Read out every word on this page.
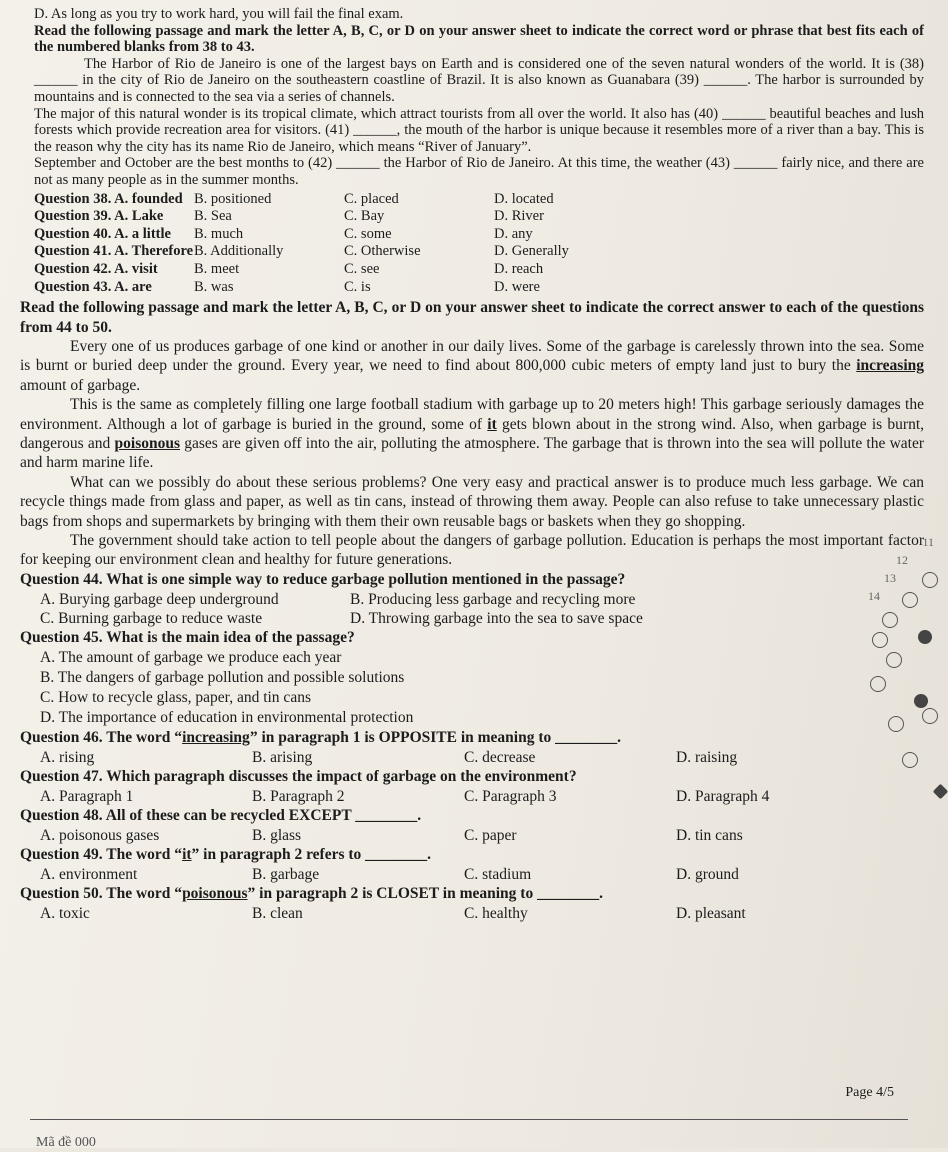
D. As long as you try to work hard, you will fail the final exam.
Read the following passage and mark the letter A, B, C, or D on your answer sheet to indicate the correct word or phrase that best fits each of the numbered blanks from 38 to 43.
The Harbor of Rio de Janeiro is one of the largest bays on Earth and is considered one of the seven natural wonders of the world. It is (38) ______ in the city of Rio de Janeiro on the southeastern coastline of Brazil. It is also known as Guanabara (39) ______. The harbor is surrounded by mountains and is connected to the sea via a series of channels.
The major of this natural wonder is its tropical climate, which attract tourists from all over the world. It also has (40) ______ beautiful beaches and lush forests which provide recreation area for visitors. (41) ______, the mouth of the harbor is unique because it resembles more of a river than a bay. This is the reason why the city has its name Rio de Janeiro, which means “River of January”.
September and October are the best months to (42) ______ the Harbor of Rio de Janeiro. At this time, the weather (43) ______ fairly nice, and there are not as many people as in the summer months.
Question 38. A. founded B. positioned	C. placed	D. located
Question 39. A. Lake	B. Sea	C. Bay	D. River
Question 40. A. a little	B. much	C. some	D. any
Question 41. A. Therefore B. Additionally	C. Otherwise	D. Generally
Question 42. A. visit	B. meet	C. see	D. reach
Question 43. A. are	B. was	C. is	D. were
Read the following passage and mark the letter A, B, C, or D on your answer sheet to indicate the correct answer to each of the questions from 44 to 50.
Every one of us produces garbage of one kind or another in our daily lives. Some of the garbage is carelessly thrown into the sea. Some is burnt or buried deep under the ground. Every year, we need to find about 800,000 cubic meters of empty land just to bury the increasing amount of garbage.
This is the same as completely filling one large football stadium with garbage up to 20 meters high! This garbage seriously damages the environment. Although a lot of garbage is buried in the ground, some of it gets blown about in the strong wind. Also, when garbage is burnt, dangerous and poisonous gases are given off into the air, polluting the atmosphere. The garbage that is thrown into the sea will pollute the water and harm marine life.
What can we possibly do about these serious problems? One very easy and practical answer is to produce much less garbage. We can recycle things made from glass and paper, as well as tin cans, instead of throwing them away. People can also refuse to take unnecessary plastic bags from shops and supermarkets by bringing with them their own reusable bags or baskets when they go shopping.
The government should take action to tell people about the dangers of garbage pollution. Education is perhaps the most important factor for keeping our environment clean and healthy for future generations.
Question 44. What is one simple way to reduce garbage pollution mentioned in the passage?
A. Burying garbage deep underground	B. Producing less garbage and recycling more
C. Burning garbage to reduce waste	D. Throwing garbage into the sea to save space
Question 45. What is the main idea of the passage?
A. The amount of garbage we produce each year
B. The dangers of garbage pollution and possible solutions
C. How to recycle glass, paper, and tin cans
D. The importance of education in environmental protection
Question 46. The word “increasing” in paragraph 1 is OPPOSITE in meaning to ________.
A. rising	B. arising	C. decrease	D. raising
Question 47. Which paragraph discusses the impact of garbage on the environment?
A. Paragraph 1	B. Paragraph 2	C. Paragraph 3	D. Paragraph 4
Question 48. All of these can be recycled EXCEPT ________.
A. poisonous gases	B. glass	C. paper	D. tin cans
Question 49. The word “it” in paragraph 2 refers to ________.
A. environment	B. garbage	C. stadium	D. ground
Question 50. The word “poisonous” in paragraph 2 is CLOSET in meaning to ________.
A. toxic	B. clean	C. healthy	D. pleasant
Page 4/5
Mã đề 000
11
12
13
14
